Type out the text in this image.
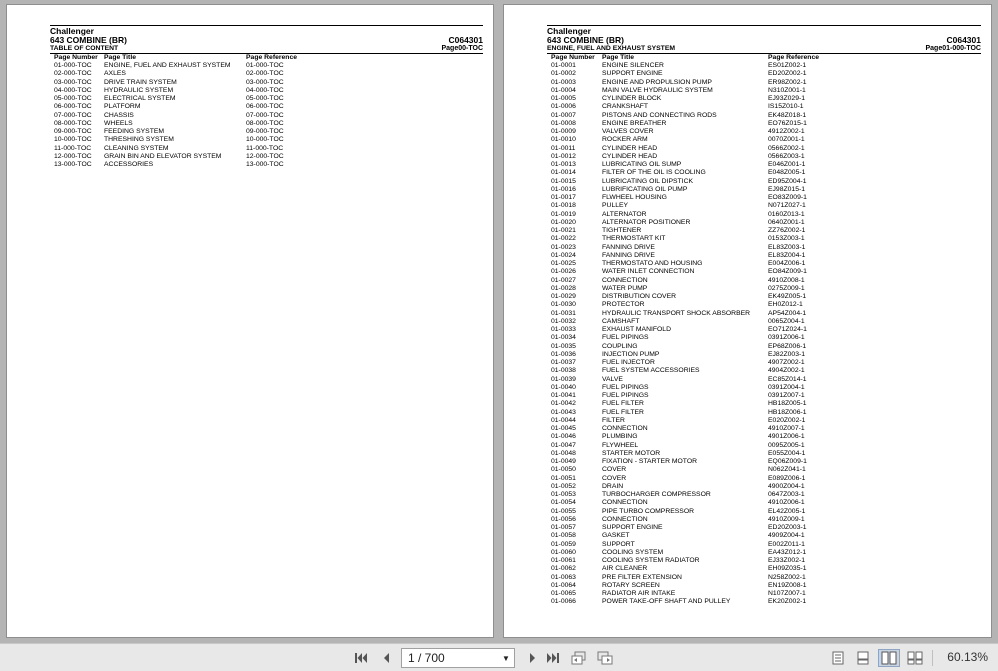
Challenger
643 COMBINE (BR)	C064301
TABLE OF CONTENT	Page00-TOC
Page Number	Page Title	Page Reference
01-000-TOC	ENGINE, FUEL AND EXHAUST SYSTEM	01-000-TOC
02-000-TOC	AXLES	02-000-TOC
03-000-TOC	DRIVE TRAIN SYSTEM	03-000-TOC
04-000-TOC	HYDRAULIC SYSTEM	04-000-TOC
05-000-TOC	ELECTRICAL SYSTEM	05-000-TOC
06-000-TOC	PLATFORM	06-000-TOC
07-000-TOC	CHASSIS	07-000-TOC
08-000-TOC	WHEELS	08-000-TOC
09-000-TOC	FEEDING SYSTEM	09-000-TOC
10-000-TOC	THRESHING SYSTEM	10-000-TOC
11-000-TOC	CLEANING SYSTEM	11-000-TOC
12-000-TOC	GRAIN BIN AND ELEVATOR SYSTEM	12-000-TOC
13-000-TOC	ACCESSORIES	13-000-TOC
Challenger
643 COMBINE (BR)	C064301
ENGINE, FUEL AND EXHAUST SYSTEM	Page01-000-TOC
Page Number	Page Title	Page Reference
01-0001	ENGINE SILENCER	ES01Z002-1
01-0002	SUPPORT ENGINE	ED20Z002-1
01-0003	ENGINE AND PROPULSION PUMP	ER98Z002-1
01-0004	MAIN VALVE HYDRAULIC SYSTEM	N310Z001-1
01-0005	CYLINDER BLOCK	EJ93Z029-1
01-0006	CRANKSHAFT	IS15Z010-1
01-0007	PISTONS AND CONNECTING RODS	EK48Z018-1
01-0008	ENGINE BREATHER	EO76Z015-1
01-0009	VALVES COVER	4912Z002-1
01-0010	ROCKER ARM	0070Z001-1
01-0011	CYLINDER HEAD	0566Z002-1
01-0012	CYLINDER HEAD	0566Z003-1
01-0013	LUBRICATING OIL SUMP	E046Z001-1
01-0014	FILTER OF THE OIL IS COOLING	E048Z005-1
01-0015	LUBRICATING OIL DIPSTICK	ED95Z004-1
01-0016	LUBRIFICATING OIL PUMP	EJ98Z015-1
01-0017	FLWHEEL HOUSING	EO83Z009-1
01-0018	PULLEY	N071Z027-1
01-0019	ALTERNATOR	0160Z013-1
01-0020	ALTERNATOR POSITIONER	0640Z001-1
01-0021	TIGHTENER	ZZ76Z002-1
01-0022	THERMOSTART KIT	0153Z003-1
01-0023	FANNING DRIVE	EL83Z003-1
01-0024	FANNING DRIVE	EL83Z004-1
01-0025	THERMOSTATO AND HOUSING	E004Z006-1
01-0026	WATER INLET CONNECTION	EO84Z009-1
01-0027	CONNECTION	4910Z008-1
01-0028	WATER PUMP	0275Z009-1
01-0029	DISTRIBUTION COVER	EK49Z005-1
01-0030	PROTECTOR	EH0Z012-1
01-0031	HYDRAULIC TRANSPORT SHOCK ABSORBER	AP54Z004-1
01-0032	CAMSHAFT	0065Z004-1
01-0033	EXHAUST MANIFOLD	EO71Z024-1
01-0034	FUEL PIPINGS	0391Z006-1
01-0035	COUPLING	EP68Z006-1
01-0036	INJECTION PUMP	EJ82Z003-1
01-0037	FUEL INJECTOR	4907Z002-1
01-0038	FUEL SYSTEM ACCESSORIES	4904Z002-1
01-0039	VALVE	EC85Z014-1
01-0040	FUEL PIPINGS	0391Z004-1
01-0041	FUEL PIPINGS	0391Z007-1
01-0042	FUEL FILTER	HB18Z005-1
01-0043	FUEL FILTER	HB18Z006-1
01-0044	FILTER	E020Z002-1
01-0045	CONNECTION	4910Z007-1
01-0046	PLUMBING	4901Z006-1
01-0047	FLYWHEEL	0095Z005-1
01-0048	STARTER MOTOR	E055Z004-1
01-0049	FIXATION - STARTER MOTOR	EQ06Z009-1
01-0050	COVER	N062Z041-1
01-0051	COVER	E089Z006-1
01-0052	DRAIN	4900Z004-1
01-0053	TURBOCHARGER COMPRESSOR	0647Z003-1
01-0054	CONNECTION	4910Z006-1
01-0055	PIPE TURBO COMPRESSOR	EL42Z005-1
01-0056	CONNECTION	4910Z009-1
01-0057	SUPPORT ENGINE	ED20Z003-1
01-0058	GASKET	4909Z004-1
01-0059	SUPPORT	E002Z011-1
01-0060	COOLING SYSTEM	EA43Z012-1
01-0061	COOLING SYSTEM RADIATOR	EJ33Z002-1
01-0062	AIR CLEANER	EH09Z035-1
01-0063	PRE FILTER EXTENSION	N258Z002-1
01-0064	ROTARY SCREEN	EN19Z008-1
01-0065	RADIATOR AIR INTAKE	N107Z007-1
01-0066	POWER TAKE-OFF SHAFT AND PULLEY	EK20Z002-1
1 / 700	▼	60.13%
